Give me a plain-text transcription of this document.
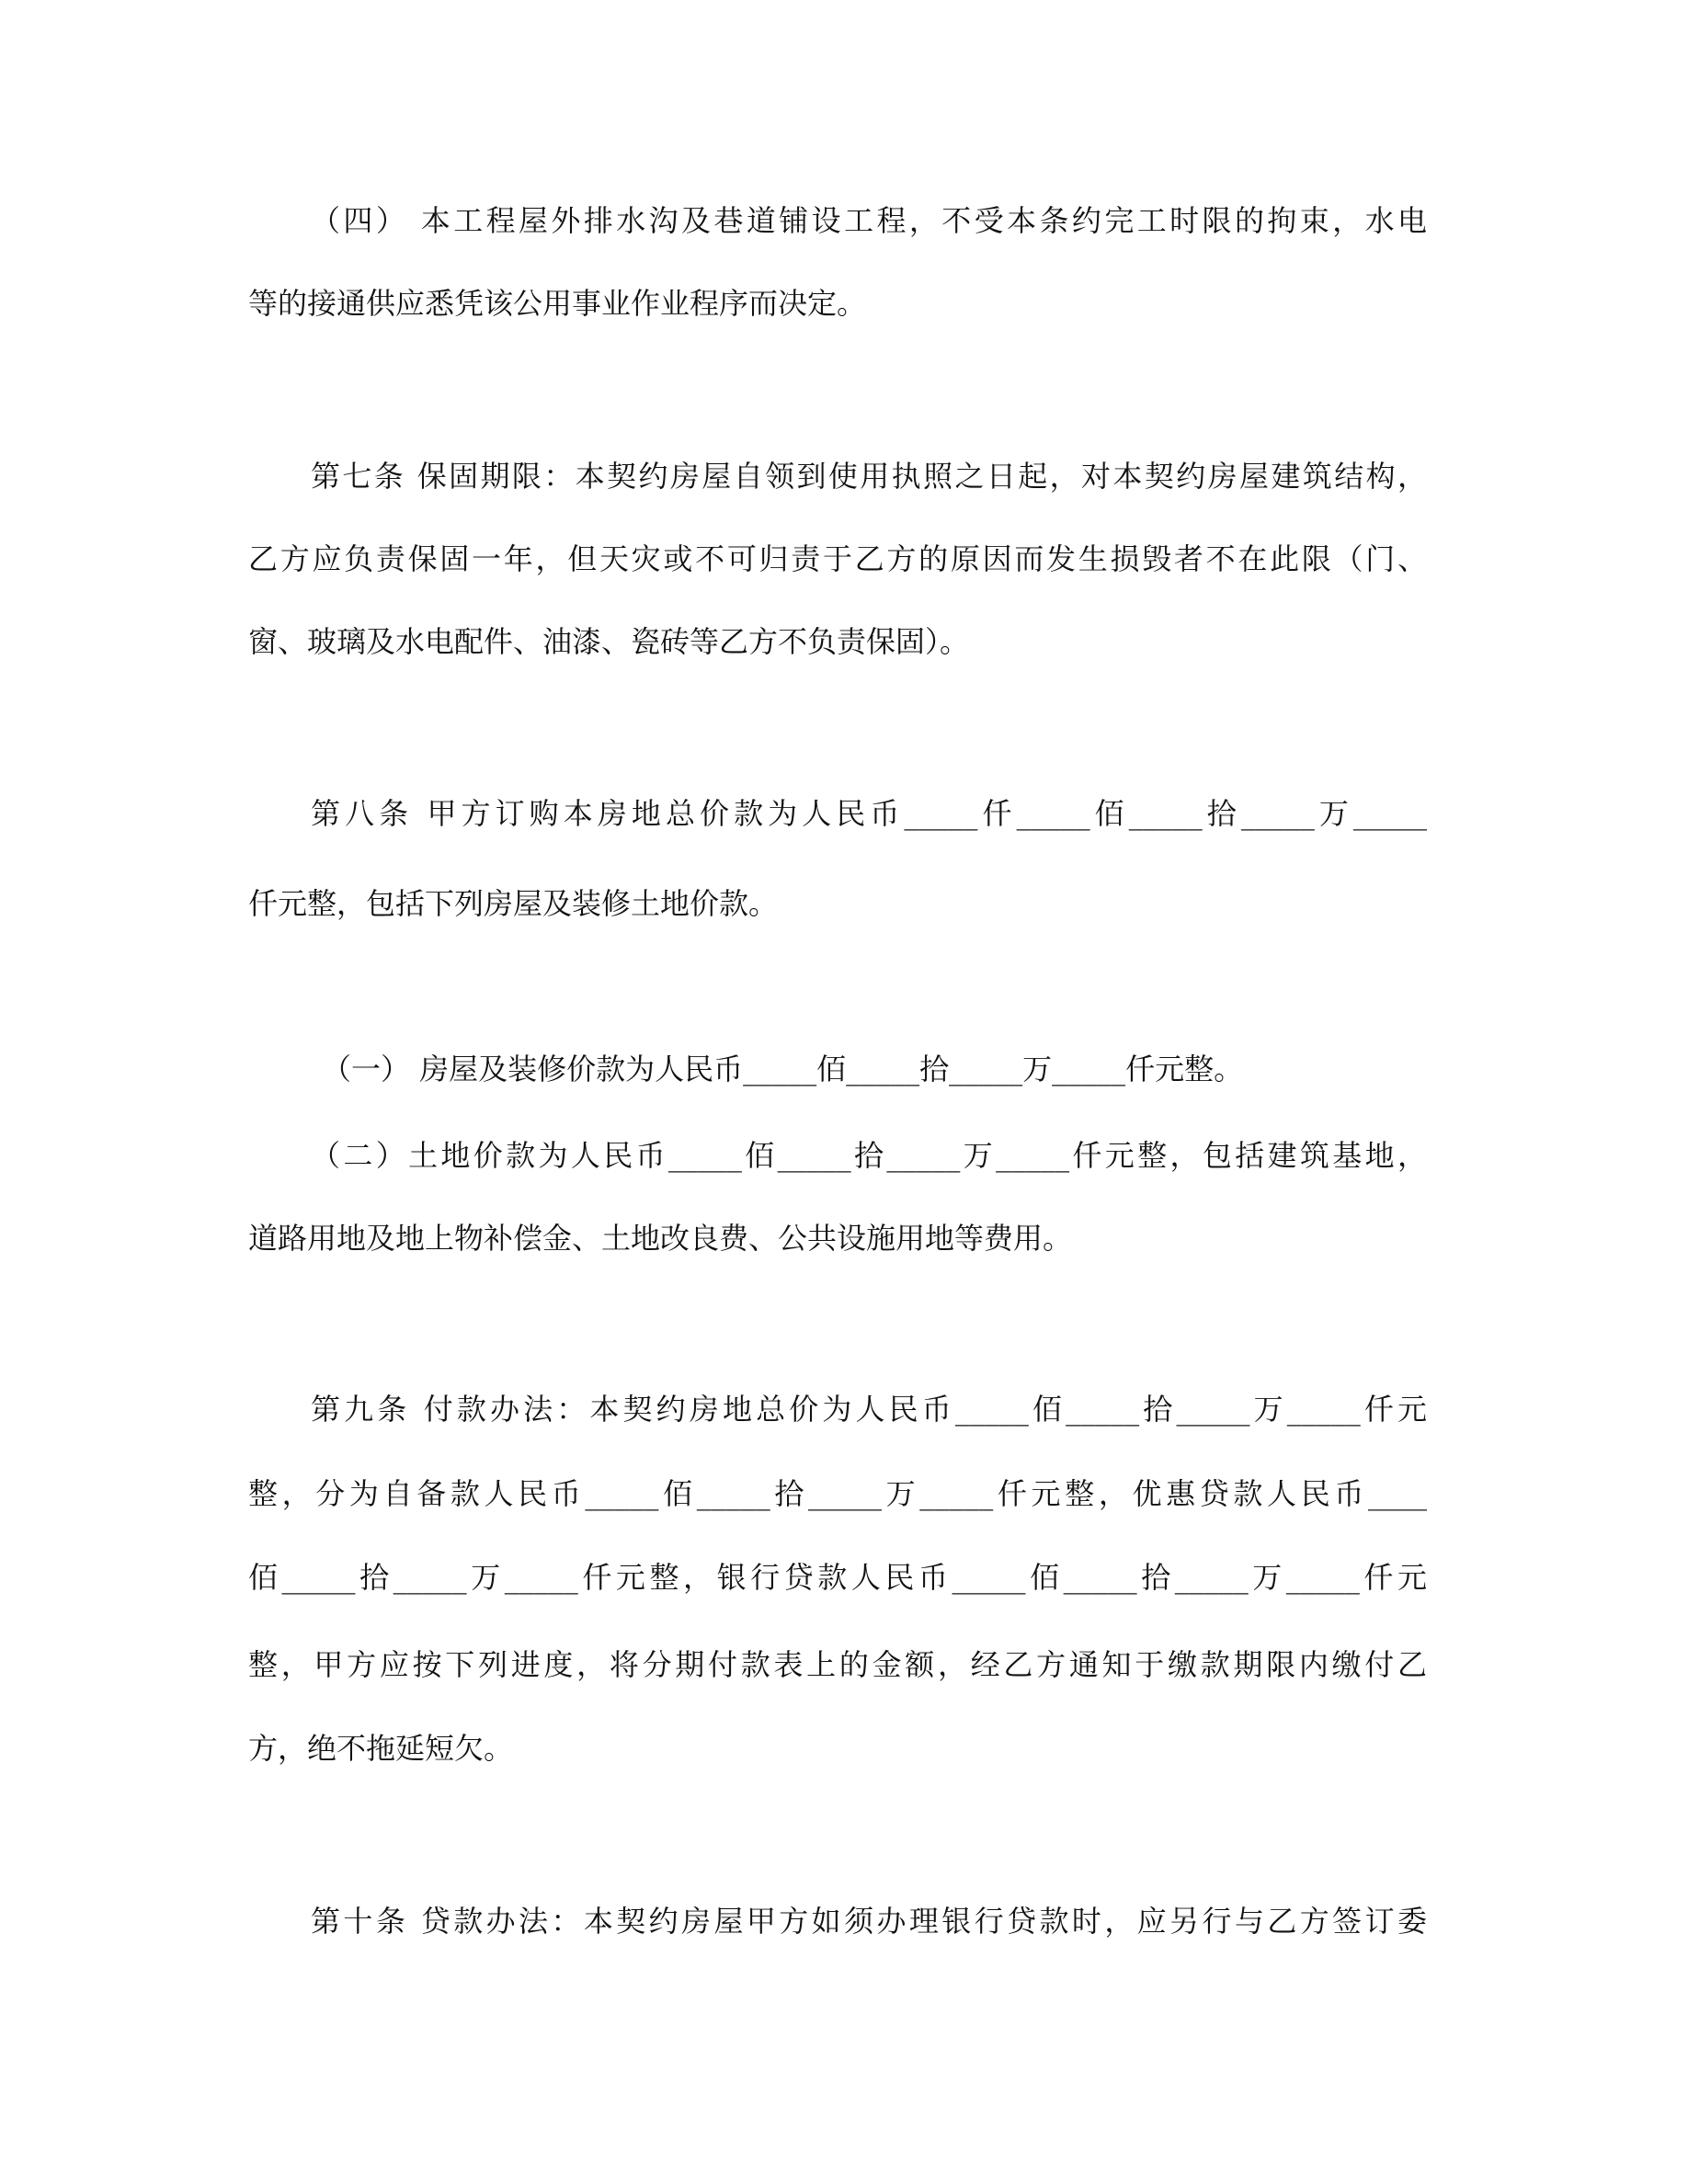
（四） 本工程屋外排水沟及巷道铺设工程，不受本条约完工时限的拘束，水电
等的接通供应悉凭该公用事业作业程序而决定。
第七条 保固期限：本契约房屋自领到使用执照之日起，对本契约房屋建筑结构，
乙方应负责保固一年，但天灾或不可归责于乙方的原因而发生损毁者不在此限（门、
窗、玻璃及水电配件、油漆、瓷砖等乙方不负责保固）。
第八条 甲方订购本房地总价款为人民币_____仟_____佰_____拾_____万_____
仟元整，包括下列房屋及装修土地价款。
（一） 房屋及装修价款为人民币_____佰_____拾_____万_____仟元整。
（二）土地价款为人民币_____佰_____拾_____万_____仟元整，包括建筑基地，
道路用地及地上物补偿金、土地改良费、公共设施用地等费用。
第九条 付款办法：本契约房地总价为人民币_____佰_____拾_____万_____仟元
整，分为自备款人民币_____佰_____拾_____万_____仟元整，优惠贷款人民币____
佰_____拾_____万_____仟元整，银行贷款人民币_____佰_____拾_____万_____仟元
整，甲方应按下列进度，将分期付款表上的金额，经乙方通知于缴款期限内缴付乙
方，绝不拖延短欠。
第十条 贷款办法：本契约房屋甲方如须办理银行贷款时，应另行与乙方签订委
